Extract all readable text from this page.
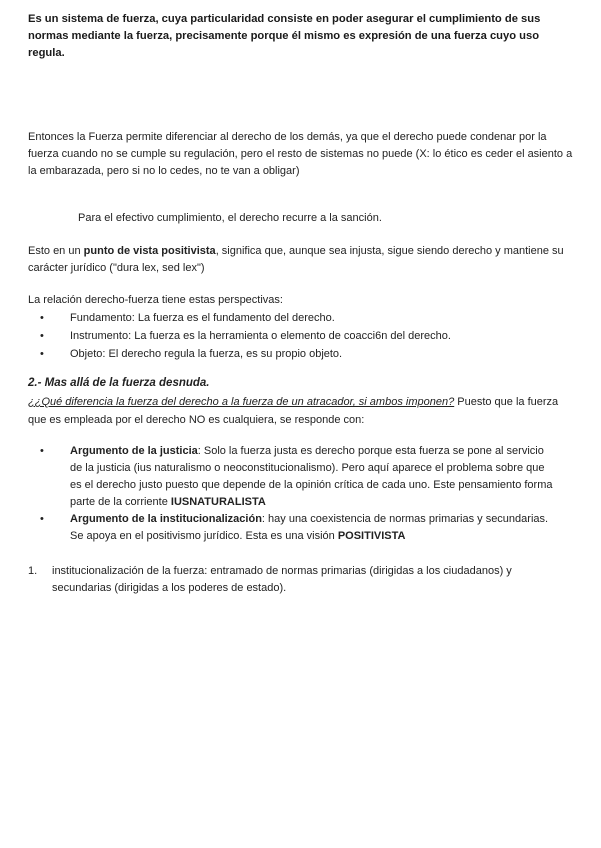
Es un sistema de fuerza, cuya particularidad consiste en poder asegurar el cumplimiento de sus normas mediante la fuerza, precisamente porque él mismo es expresión de una fuerza cuyo uso regula.

Entonces la Fuerza permite diferenciar al derecho de los demás, ya que el derecho puede condenar por la fuerza cuando no se cumple su regulación, pero el resto de sistemas no puede (X: lo ético es ceder el asiento a la embarazada, pero si no lo cedes, no te van a obligar)

Para el efectivo cumplimiento, el derecho recurre a la sanción.

Esto en un punto de vista positivista, significa que, aunque sea injusta, sigue siendo derecho y mantiene su carácter jurídico ("dura lex, sed lex")

La relación derecho-fuerza tiene estas perspectivas:

• Fundamento: La fuerza es el fundamento del derecho.
• Instrumento: La fuerza es la herramienta o elemento de coacci6n del derecho.
• Objeto: El derecho regula la fuerza, es su propio objeto.

2.- Mas allá de la fuerza desnuda.

¿¿Qué diferencia la fuerza del derecho a la fuerza de un atracador, si ambos imponen? Puesto que la fuerza que es empleada por el derecho NO es cualquiera, se responde con:

• Argumento de la justicia: Solo la fuerza justa es derecho porque esta fuerza se pone al servicio de la justicia (ius naturalismo o neoconstitucionalismo). Pero aquí aparece el problema sobre que es el derecho justo puesto que depende de la opinión crítica de cada uno. Este pensamiento forma parte de la corriente IUSNATURALISTA
• Argumento de la institucionalización: hay una coexistencia de normas primarias y secundarias. Se apoya en el positivismo jurídico. Esta es una visión POSITIVISTA
1.	institucionalización de la fuerza: entramado de normas primarias (dirigidas a los ciudadanos) y secundarias (dirigidas a los poderes de estado).
